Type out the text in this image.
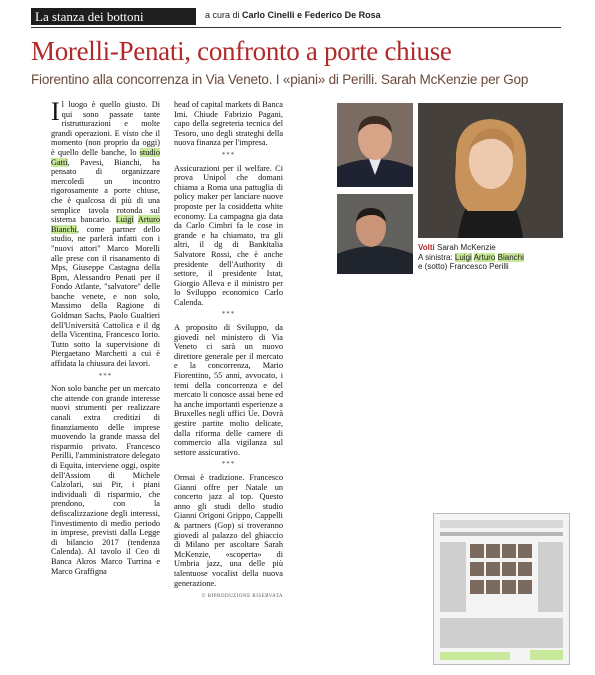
La stanza dei bottoni	a cura di Carlo Cinelli e Federico De Rosa
Morelli-Penati, confronto a porte chiuse
Fiorentino alla concorrenza in Via Veneto. I «piani» di Perilli. Sarah McKenzie per Gop

Il luogo è quello giusto. Di qui sono passate tante ristrutturazioni e molte grandi operazioni. E visto che il momento (non proprio da oggi) è quello delle banche, lo studio Gatti, Pavesi, Bianchi, ha pensato di organizzare mercoledì un incontro rigorosamente a porte chiuse, che è qualcosa di più di una semplice tavola rotonda sul sistema bancario. Luigi Arturo Bianchi, come partner dello studio, ne parlerà infatti con i "nuovi attori" Marco Morelli alle prese con il risanamento di Mps, Giuseppe Castagna della Bpm, Alessandro Penati per il Fondo Atlante, "salvatore" delle banche venete, e non solo, Massimo della Ragione di Goldman Sachs, Paolo Gualtieri dell'Università Cattolica e il dg della Vicentina, Francesco Iorio. Tutto sotto la supervisione di Piergaetano Marchetti a cui è affidata la chiusura dei lavori.

***

Non solo banche per un mercato che attende con grande interesse nuovi strumenti per realizzare canali extra creditizi di finanziamento delle imprese muovendo la grande massa del risparmio privato. Francesco Perilli, l'amministratore delegato di Equita, interviene oggi, ospite dell'Assiom di Michele Calzolari, sui Pir, i piani individuali di risparmio, che prendono, con la defiscalizzazione degli interessi, l'investimento di medio periodo in imprese, previsti dalla Legge di bilancio 2017 (tendenza Calenda). Al tavolo il Ceo di Banca Akros Marco Turrina e Marco Graffigna

head of capital markets di Banca Imi. Chiude Fabrizio Pagani, capo della segreteria tecnica del Tesoro, uno degli strateghi della nuova finanza per l'impresa.

***

Assicurazioni per il welfare. Ci prova Unipol che domani chiama a Roma una pattuglia di policy maker per lanciare nuove proposte per la cosiddetta white economy. La campagna gia data da Carlo Cimbri fa le cose in grande e ha chiamato, tra gli altri, il dg di Bankitalia Salvatore Rossi, che è anche presidente dell'Authority di settore, il presidente Istat, Giorgio Alleva e il ministro per lo Sviluppo economico Carlo Calenda.

***

A proposito di Sviluppo, da giovedì nel ministero di Via Veneto ci sarà un nuovo direttore generale per il mercato e la concorrenza, Mario Fiorentino, 55 anni, avvocato, i temi della concorrenza e del mercato li conosce assai bene ed ha anche importanti esperienze a Bruxelles negli uffici Ue. Dovrà gestire partite molto delicate, dalla riforma delle camere di commercio alla vigilanza sul settore assicurativo.

***

Ormai è tradizione. Francesco Gianni offre per Natale un concerto jazz al top. Questo anno gli studi dello studio Gianni Origoni Grippo, Cappelli & partners (Gop) si troveranno giovedì al palazzo del ghiaccio di Milano per ascoltare Sarah McKenzie, «scoperta» di Umbria jazz, una delle più talentuose vocalist della nuova generazione.

© RIPRODUZIONE RISERVATA

Volti Sarah McKenzie
A sinistra: Luigi Arturo Bianchi
e (sotto) Francesco Perilli
